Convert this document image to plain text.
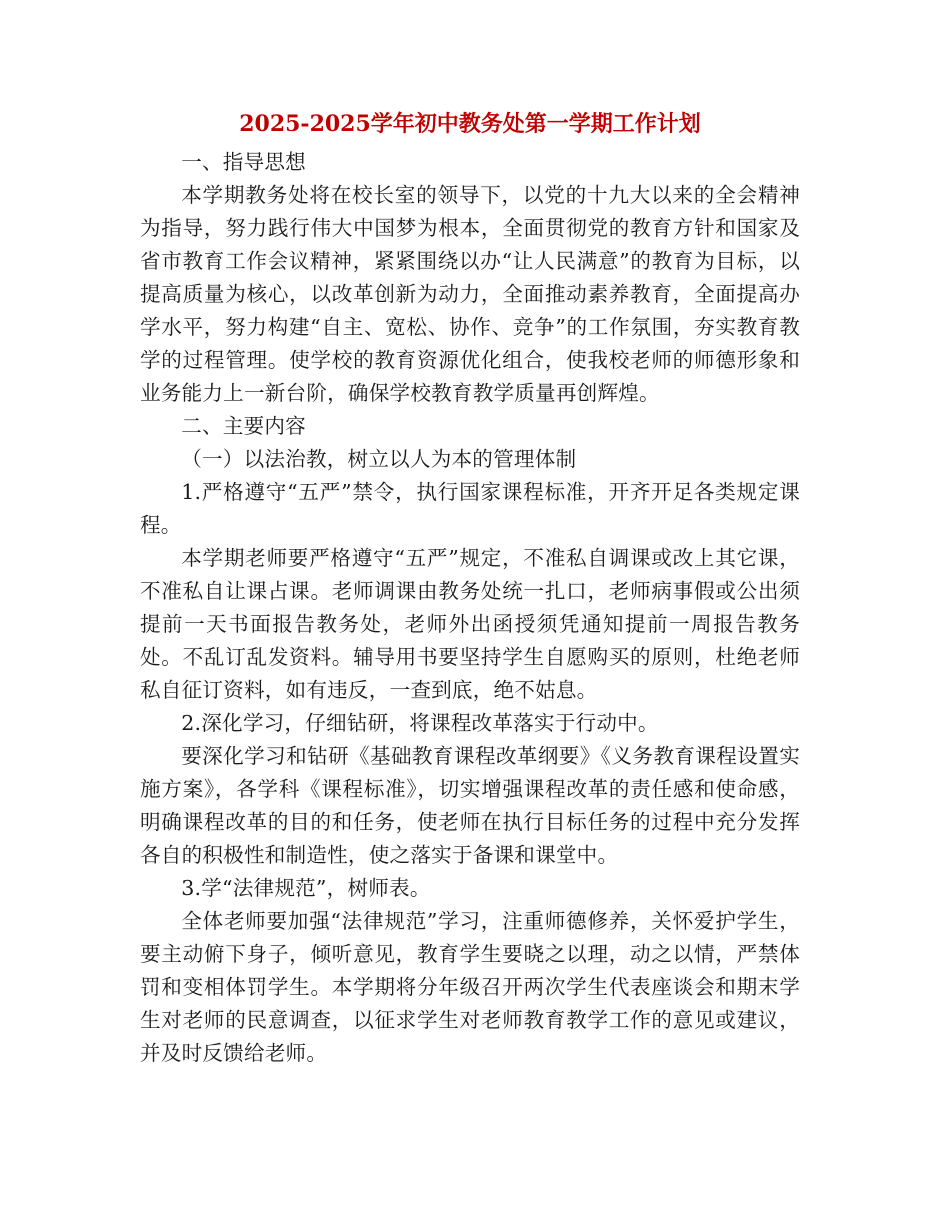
2025-2025学年初中教务处第一学期工作计划

一、指导思想

本学期教务处将在校长室的领导下，以党的十九大以来的全会精神为指导，努力践行伟大中国梦为根本，全面贯彻党的教育方针和国家及省市教育工作会议精神，紧紧围绕以办“让人民满意”的教育为目标，以提高质量为核心，以改革创新为动力，全面推动素养教育，全面提高办学水平，努力构建“自主、宽松、协作、竞争”的工作氛围，夯实教育教学的过程管理。使学校的教育资源优化组合，使我校老师的师德形象和业务能力上一新台阶，确保学校教育教学质量再创辉煌。

二、主要内容

（一）以法治教，树立以人为本的管理体制

1.严格遵守“五严”禁令，执行国家课程标准，开齐开足各类规定课程。

本学期老师要严格遵守“五严”规定，不准私自调课或改上其它课，不准私自让课占课。老师调课由教务处统一扎口，老师病事假或公出须提前一天书面报告教务处，老师外出函授须凭通知提前一周报告教务处。不乱订乱发资料。辅导用书要坚持学生自愿购买的原则，杜绝老师私自征订资料，如有违反，一查到底，绝不姑息。

2.深化学习，仔细钻研，将课程改革落实于行动中。

要深化学习和钻研《基础教育课程改革纲要》《义务教育课程设置实施方案》，各学科《课程标准》，切实增强课程改革的责任感和使命感，明确课程改革的目的和任务，使老师在执行目标任务的过程中充分发挥各自的积极性和制造性，使之落实于备课和课堂中。

3.学“法律规范”，树师表。

全体老师要加强“法律规范”学习，注重师德修养，关怀爱护学生，要主动俯下身子，倾听意见，教育学生要晓之以理，动之以情，严禁体罚和变相体罚学生。本学期将分年级召开两次学生代表座谈会和期末学生对老师的民意调查，以征求学生对老师教育教学工作的意见或建议，并及时反馈给老师。
